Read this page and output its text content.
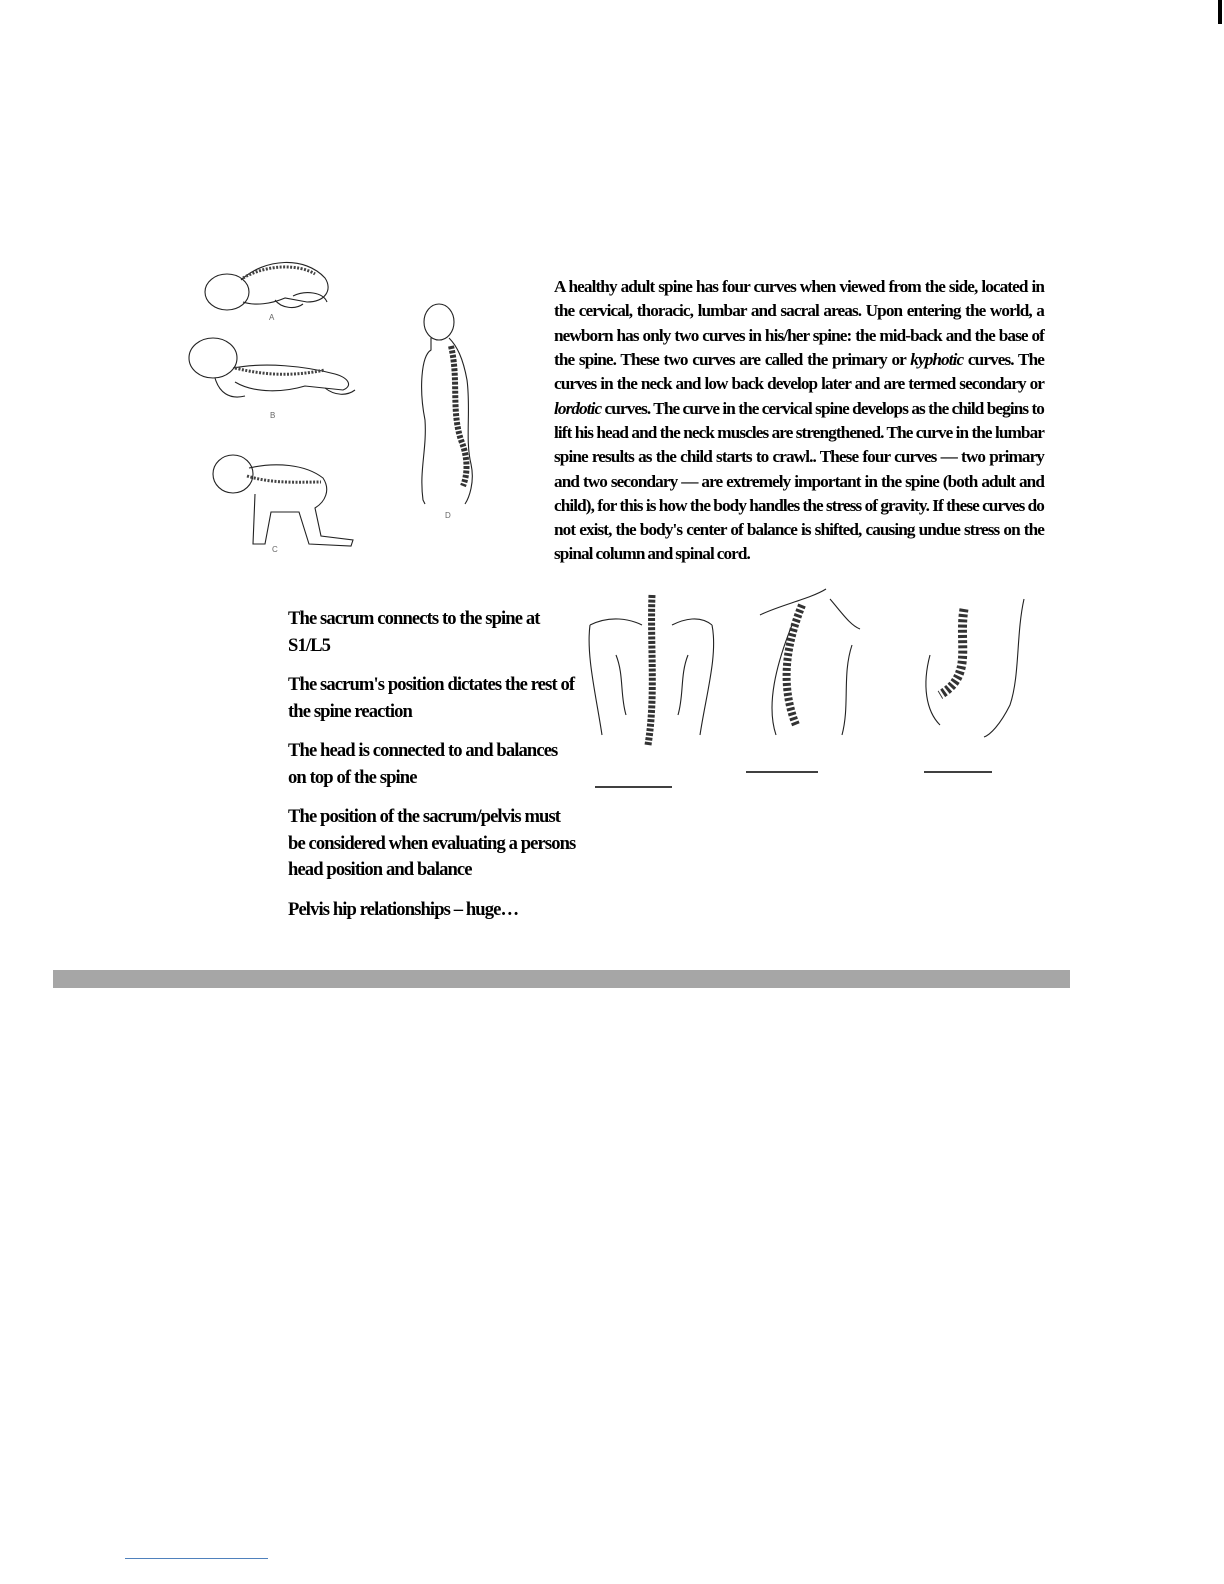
A
B
C
D

A healthy adult spine has four curves when viewed from the side, located in the cervical, thoracic, lumbar and sacral areas. Upon entering the world, a newborn has only two curves in his/her spine: the mid-back and the base of the spine. These two curves are called the primary or kyphotic curves. The curves in the neck and low back develop later and are termed secondary or lordotic curves. The curve in the cervical spine develops as the child begins to lift his head and the neck muscles are strengthened. The curve in the lumbar spine results as the child starts to crawl.. These four curves — two primary and two secondary — are extremely important in the spine (both adult and child), for this is how the body handles the stress of gravity. If these curves do not exist, the body's center of balance is shifted, causing undue stress on the spinal column and spinal cord.

The sacrum connects to the spine at S1/L5
The sacrum's position dictates the rest of the spine reaction
The head is connected to and balances on top of the spine
The position of the sacrum/pelvis must be considered when evaluating a persons head position and balance
Pelvis hip relationships – huge…
